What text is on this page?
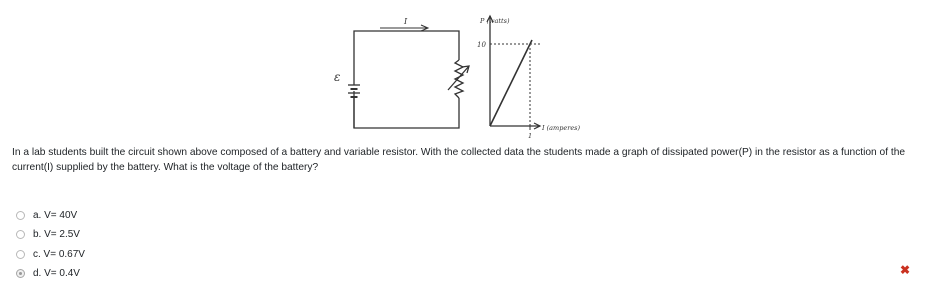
I
ε
P (watts)
10
I (amperes)
1
In a lab students built the circuit shown above composed of a battery and variable resistor. With the collected data the students made a graph of dissipated power(P) in the resistor as a function of the current(I) supplied by the battery. What is the voltage of the battery?
a. V= 40V
b. V= 2.5V
c. V= 0.67V
d. V= 0.4V	✖
